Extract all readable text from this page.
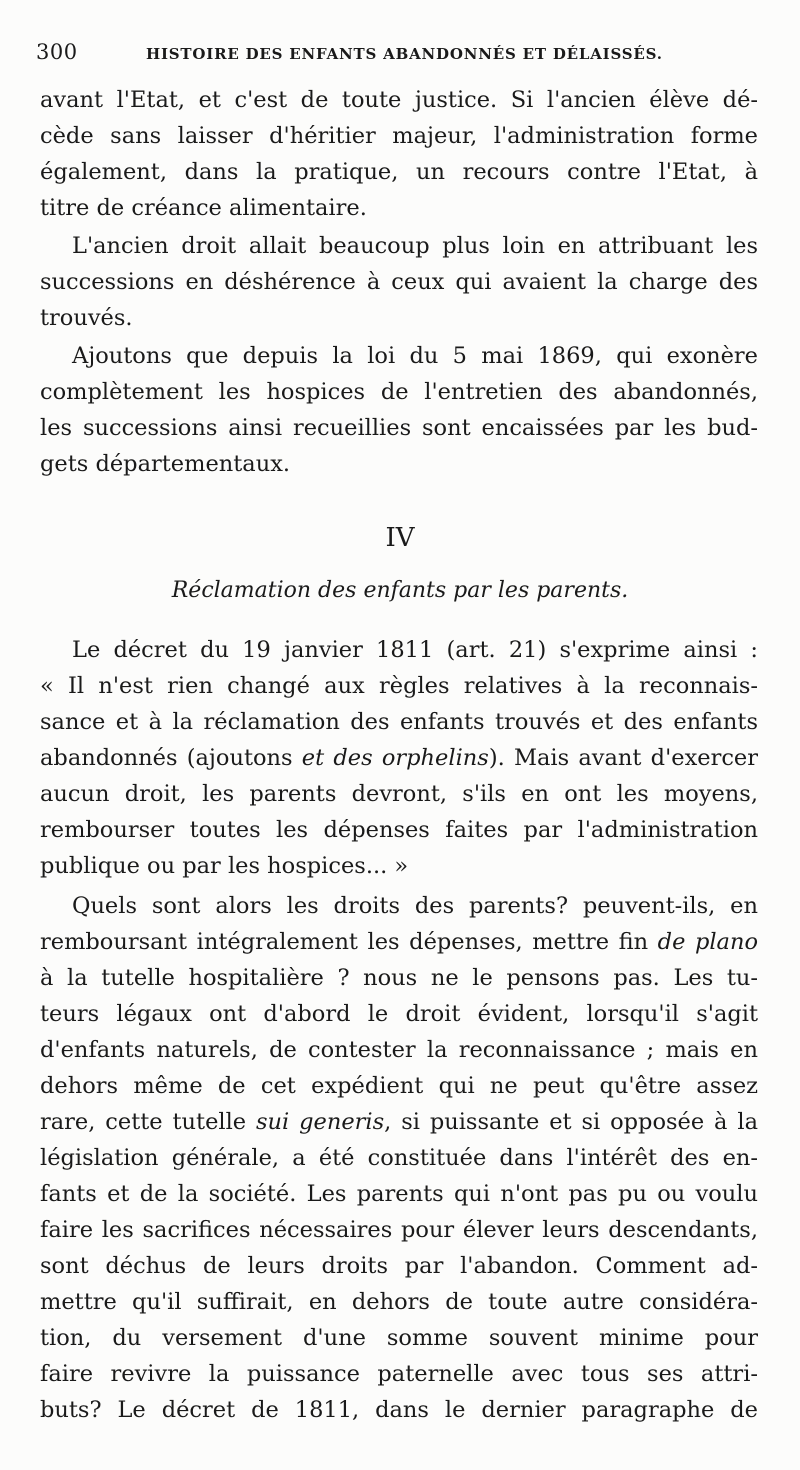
300	HISTOIRE DES ENFANTS ABANDONNÉS ET DÉLAISSÉS.
avant l'Etat, et c'est de toute justice. Si l'ancien élève dé-
cède sans laisser d'héritier majeur, l'administration forme
également, dans la pratique, un recours contre l'Etat, à
titre de créance alimentaire.
L'ancien droit allait beaucoup plus loin en attribuant les
successions en déshérence à ceux qui avaient la charge des
trouvés.
Ajoutons que depuis la loi du 5 mai 1869, qui exonère
complètement les hospices de l'entretien des abandonnés,
les successions ainsi recueillies sont encaissées par les bud-
gets départementaux.
IV
Réclamation des enfants par les parents.
Le décret du 19 janvier 1811 (art. 21) s'exprime ainsi :
« Il n'est rien changé aux règles relatives à la reconnais-
sance et à la réclamation des enfants trouvés et des enfants
abandonnés (ajoutons et des orphelins). Mais avant d'exercer
aucun droit, les parents devront, s'ils en ont les moyens,
rembourser toutes les dépenses faites par l'administration
publique ou par les hospices... »
Quels sont alors les droits des parents? peuvent-ils, en
remboursant intégralement les dépenses, mettre fin de plano
à la tutelle hospitalière ? nous ne le pensons pas. Les tu-
teurs légaux ont d'abord le droit évident, lorsqu'il s'agit
d'enfants naturels, de contester la reconnaissance ; mais en
dehors même de cet expédient qui ne peut qu'être assez
rare, cette tutelle sui generis, si puissante et si opposée à la
législation générale, a été constituée dans l'intérêt des en-
fants et de la société. Les parents qui n'ont pas pu ou voulu
faire les sacrifices nécessaires pour élever leurs descendants,
sont déchus de leurs droits par l'abandon. Comment ad-
mettre qu'il suffirait, en dehors de toute autre considéra-
tion, du versement d'une somme souvent minime pour
faire revivre la puissance paternelle avec tous ses attri-
buts? Le décret de 1811, dans le dernier paragraphe de
